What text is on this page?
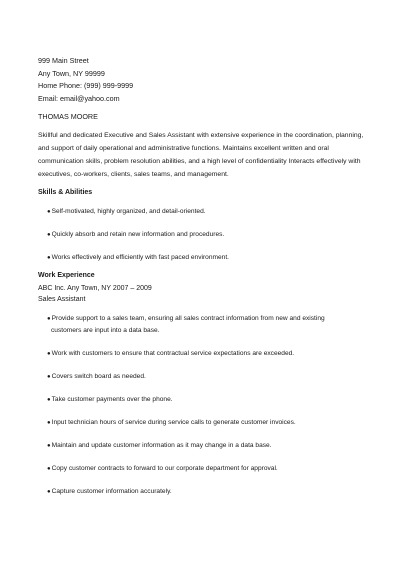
999 Main Street
Any Town, NY 99999
Home Phone: (999) 999-9999
Email: email@yahoo.com
THOMAS MOORE
Skillful and dedicated Executive and Sales Assistant with extensive experience in the coordination, planning,
and support of daily operational and administrative functions. Maintains excellent written and oral
communication skills, problem resolution abilities, and a high level of confidentiality Interacts effectively with
executives, co-workers, clients, sales teams, and management.
Skills & Abilities
●Self-motivated, highly organized, and detail-oriented.
●Quickly absorb and retain new information and procedures.
●Works effectively and efficiently with fast paced environment.
Work Experience
ABC Inc. Any Town, NY 2007 – 2009
Sales Assistant
●Provide support to a sales team, ensuring all sales contract information from new and existing
customers are input into a data base.
●Work with customers to ensure that contractual service expectations are exceeded.
●Covers switch board as needed.
●Take customer payments over the phone.
●Input technician hours of service during service calls to generate customer invoices.
●Maintain and update customer information as it may change in a data base.
●Copy customer contracts to forward to our corporate department for approval.
●Capture customer information accurately.
